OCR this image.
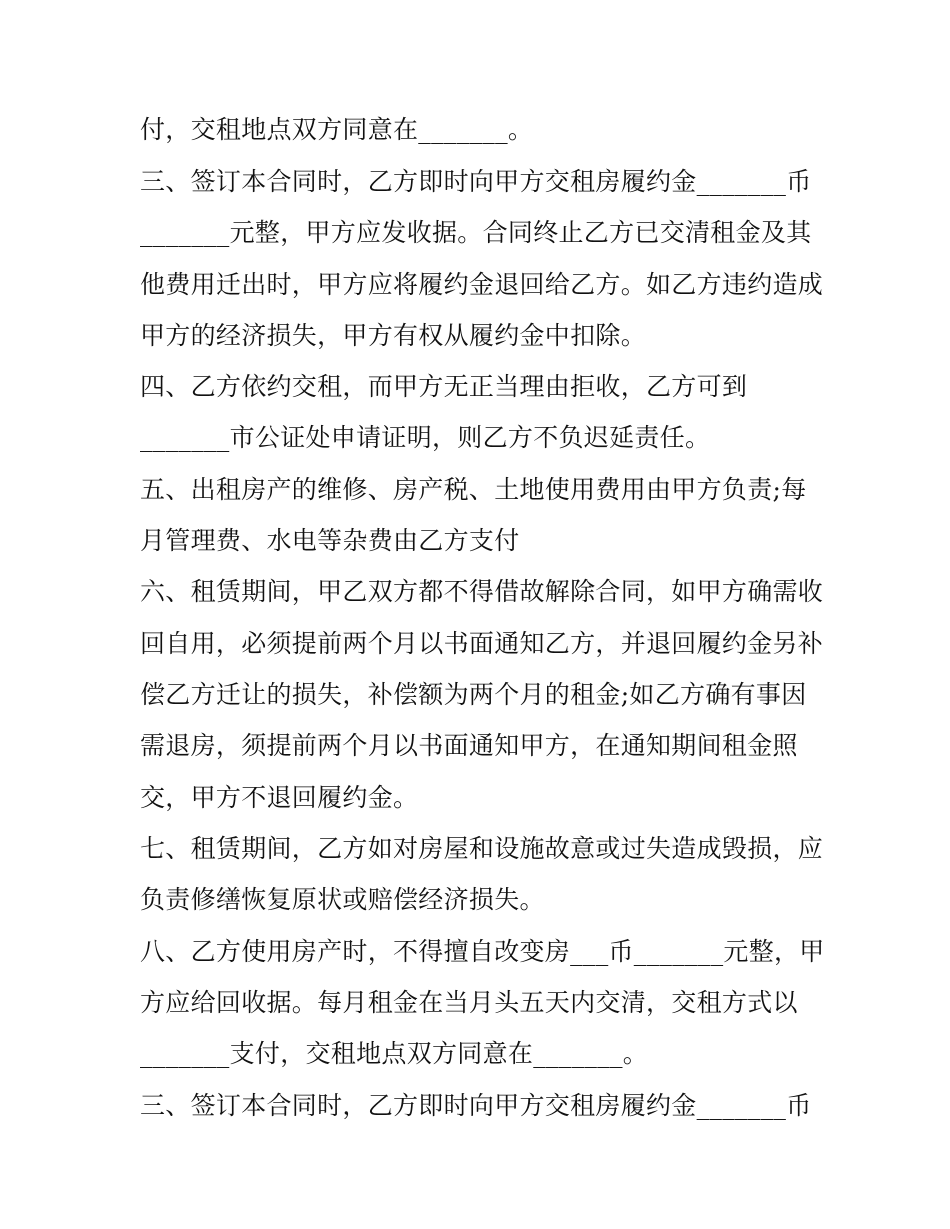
付，交租地点双方同意在_______。
三、签订本合同时，乙方即时向甲方交租房履约金_______币
_______元整，甲方应发收据。合同终止乙方已交清租金及其
他费用迁出时，甲方应将履约金退回给乙方。如乙方违约造成
甲方的经济损失，甲方有权从履约金中扣除。
四、乙方依约交租，而甲方无正当理由拒收，乙方可到
_______市公证处申请证明，则乙方不负迟延责任。
五、出租房产的维修、房产税、土地使用费用由甲方负责;每
月管理费、水电等杂费由乙方支付
六、租赁期间，甲乙双方都不得借故解除合同，如甲方确需收
回自用，必须提前两个月以书面通知乙方，并退回履约金另补
偿乙方迁让的损失，补偿额为两个月的租金;如乙方确有事因
需退房，须提前两个月以书面通知甲方，在通知期间租金照
交，甲方不退回履约金。
七、租赁期间，乙方如对房屋和设施故意或过失造成毁损，应
负责修缮恢复原状或赔偿经济损失。
八、乙方使用房产时，不得擅自改变房___币_______元整，甲
方应给回收据。每月租金在当月头五天内交清，交租方式以
_______支付，交租地点双方同意在_______。
三、签订本合同时，乙方即时向甲方交租房履约金_______币
